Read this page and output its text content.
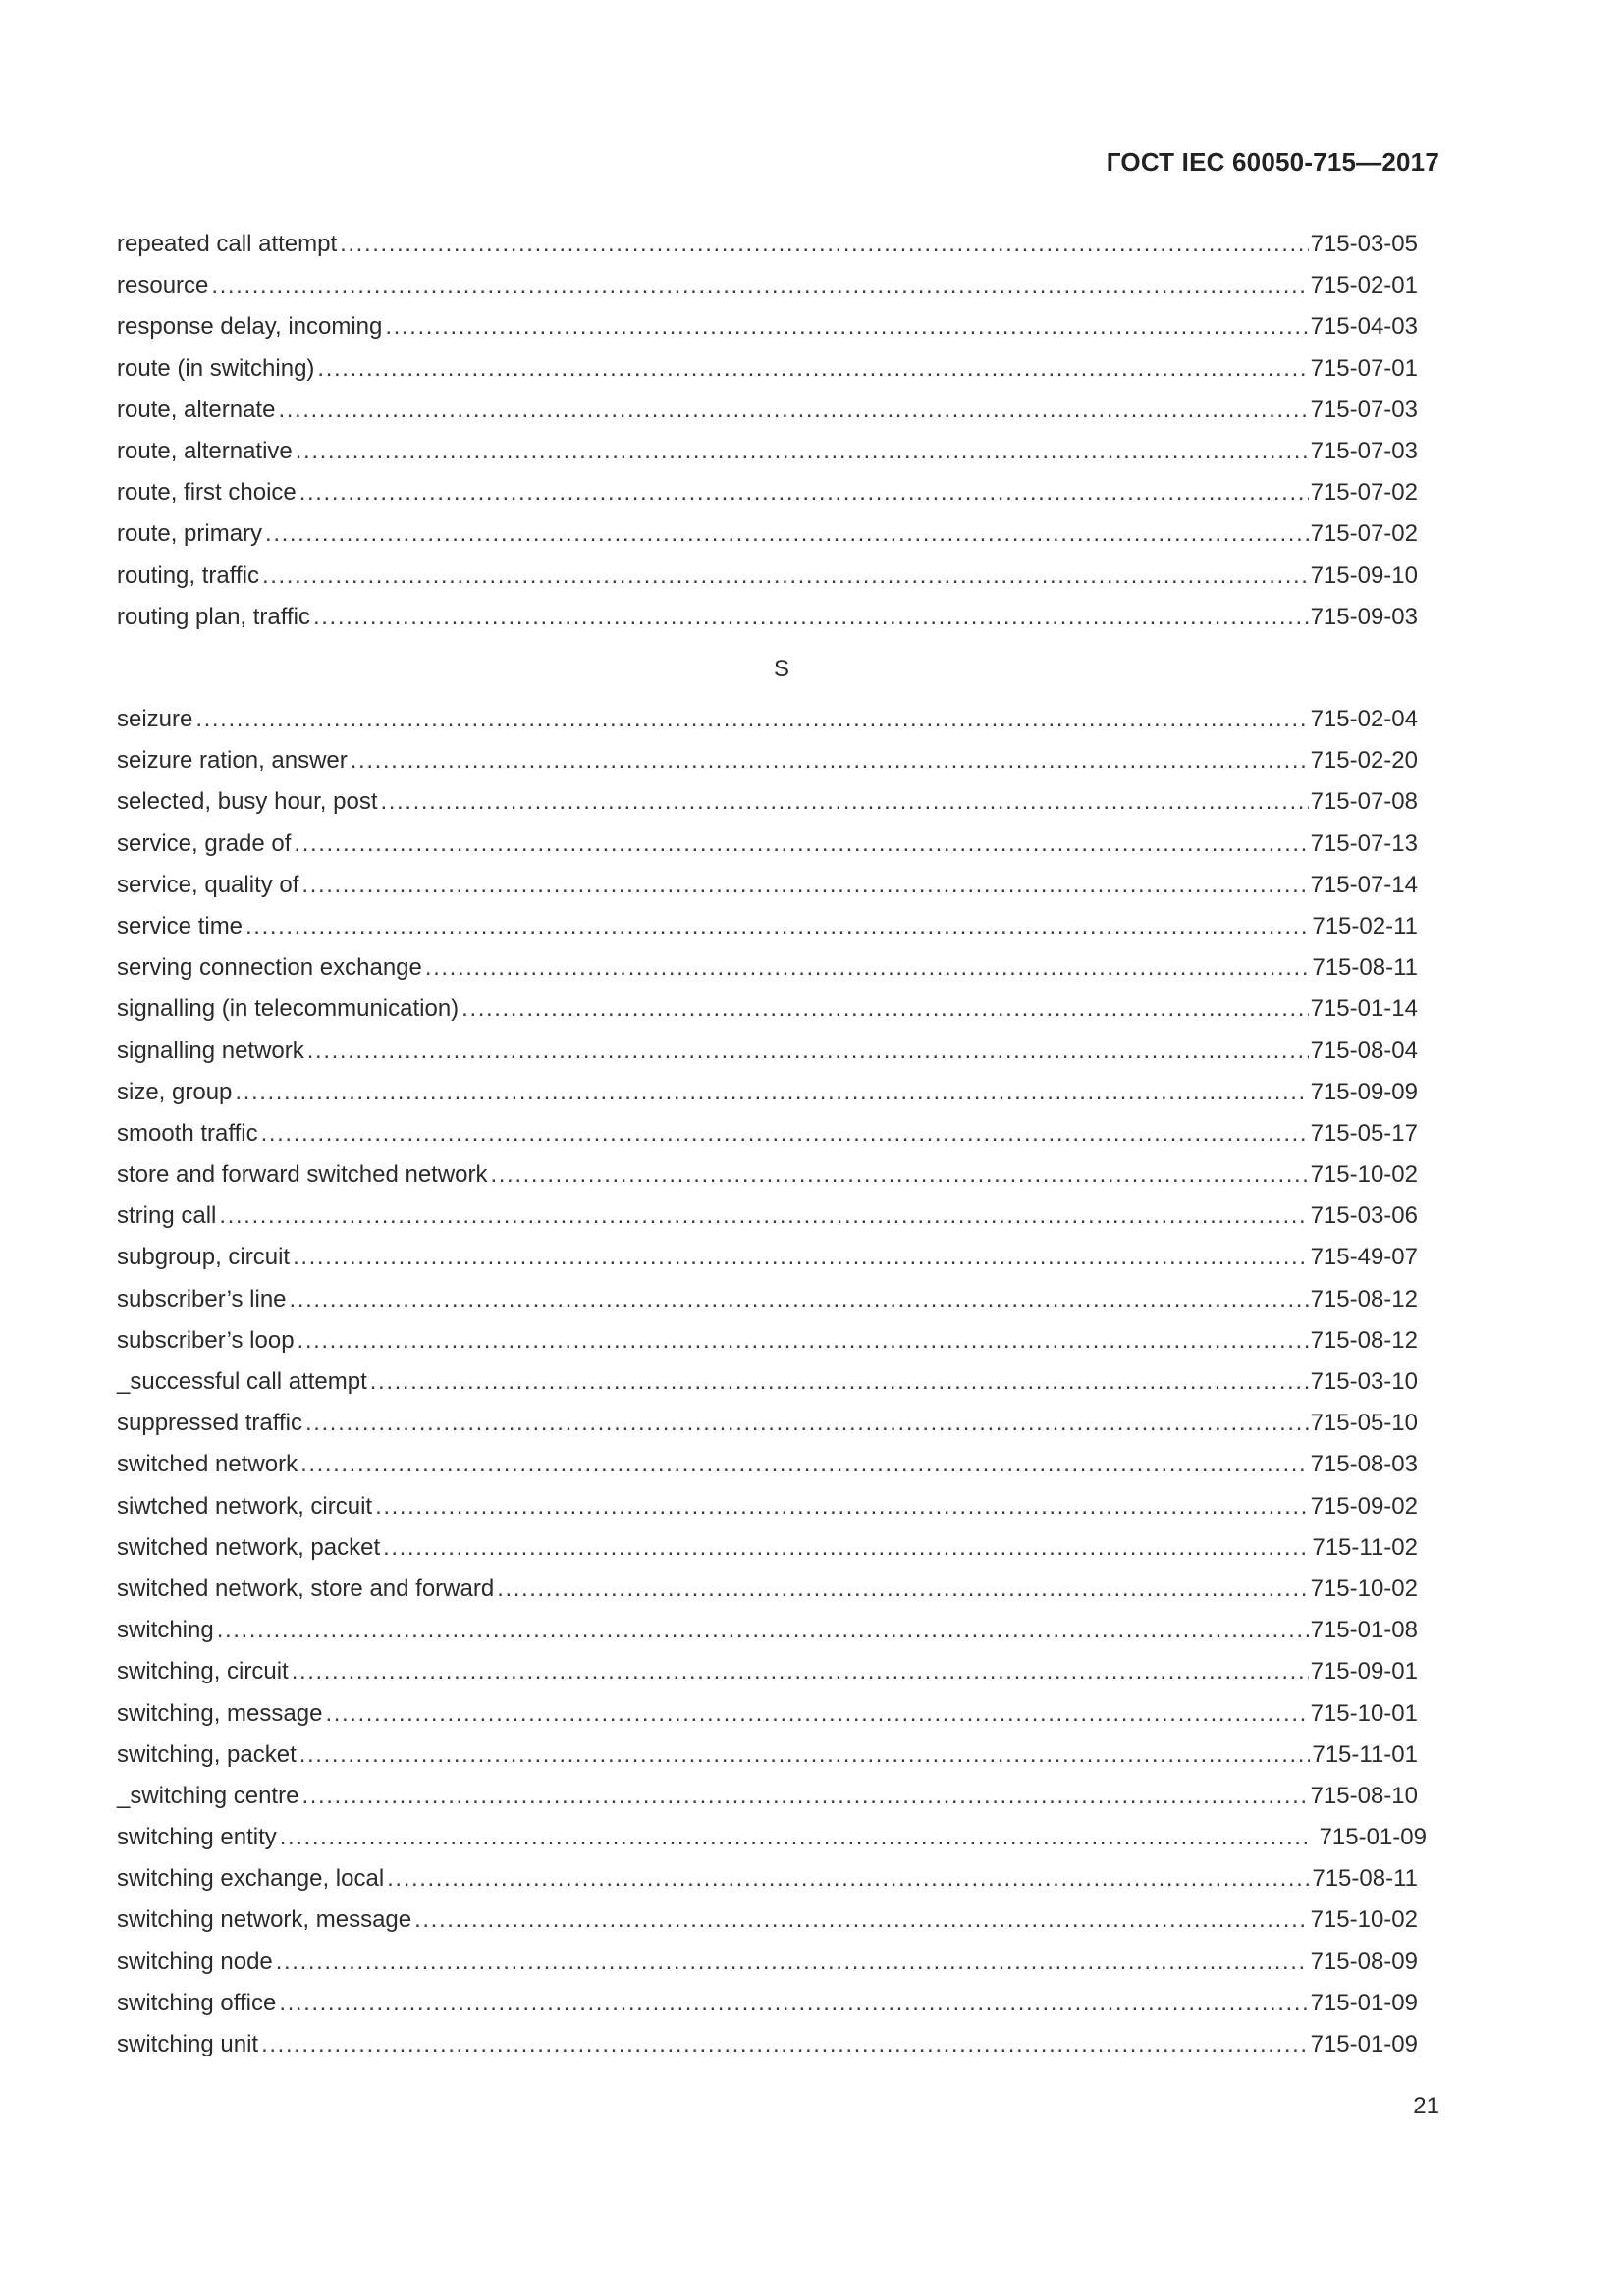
ГОСТ IEC 60050-715—2017
repeated call attempt .....	715-03-05
resource .....	715-02-01
response delay, incoming .....	715-04-03
route (in switching) .....	715-07-01
route, alternate .....	715-07-03
route, alternative .....	715-07-03
route, first choice .....	715-07-02
route, primary .....	715-07-02
routing, traffic .....	715-09-10
routing plan, traffic .....	715-09-03
S
seizure .....	715-02-04
seizure ration, answer .....	715-02-20
selected, busy hour, post .....	715-07-08
service, grade of .....	715-07-13
service, quality of .....	715-07-14
service time .....	715-02-11
serving connection exchange .....	715-08-11
signalling (in telecommunication) .....	715-01-14
signalling network .....	715-08-04
size, group .....	715-09-09
smooth traffic .....	715-05-17
store and forward switched network .....	715-10-02
string call .....	715-03-06
subgroup, circuit .....	715-49-07
subscriber’s line .....	715-08-12
subscriber’s loop .....	715-08-12
_successful call attempt .....	715-03-10
suppressed traffic .....	715-05-10
switched network .....	715-08-03
siwtched network, circuit .....	715-09-02
switched network, packet .....	715-11-02
switched network, store and forward .....	715-10-02
switching .....	715-01-08
switching, circuit .....	715-09-01
switching, message .....	715-10-01
switching, packet .....	715-11-01
_switching centre .....	715-08-10
switching entity .....	715-01-09
switching exchange, local .....	715-08-11
switching network, message .....	715-10-02
switching node .....	715-08-09
switching office .....	715-01-09
switching unit .....	715-01-09
21
